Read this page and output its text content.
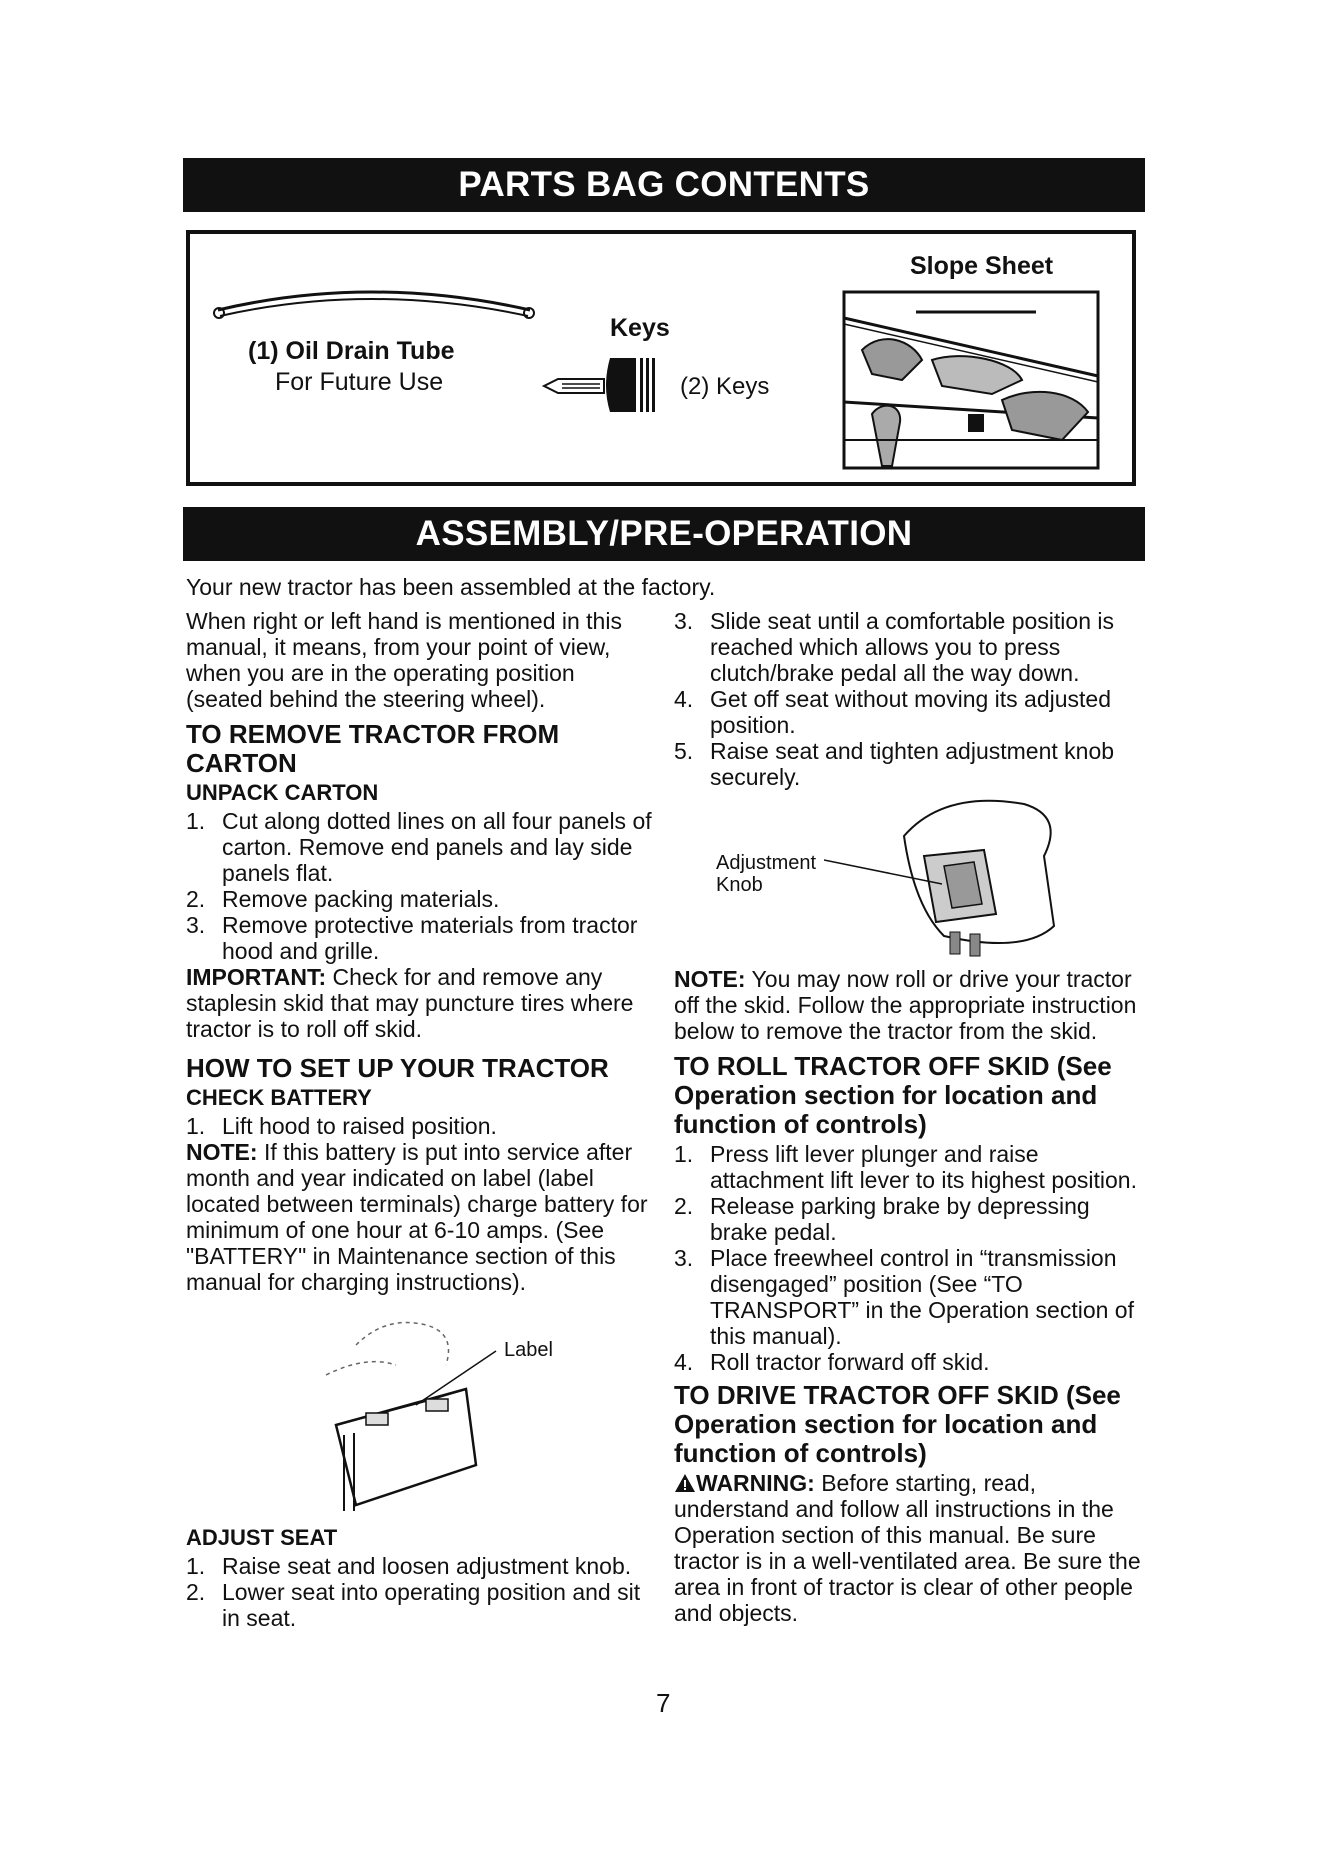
PARTS BAG CONTENTS
(1) Oil Drain Tube
For Future Use
Keys
(2) Keys
Slope Sheet
ASSEMBLY/PRE-OPERATION
Your new tractor has been assembled at the factory.

When right or left hand is mentioned in this manual, it means, from your point of view, when you are in the operating position (seated behind the steering wheel).

TO REMOVE TRACTOR FROM CARTON
UNPACK CARTON
1. Cut along dotted lines on all four panels of carton. Remove end panels and lay side panels flat.
2. Remove packing materials.
3. Remove protective materials from tractor hood and grille.

IMPORTANT: Check for and remove any staplesin skid that may puncture tires where tractor is to roll off skid.

HOW TO SET UP YOUR TRACTOR
CHECK BATTERY
1. Lift hood to raised position.

NOTE: If this battery is put into service after month and year indicated on label (label located between terminals) charge battery for minimum of one hour at 6-10 amps. (See "BATTERY" in Maintenance section of this manual for charging instructions).

Label
ADJUST SEAT
1. Raise seat and loosen adjustment knob.
2. Lower seat into operating position and sit in seat.
3. Slide seat until a comfortable position is reached which allows you to press clutch/brake pedal all the way down.
4. Get off seat without moving its adjusted position.
5. Raise seat and tighten adjustment knob securely.
Adjustment
Knob

NOTE: You may now roll or drive your tractor off the skid. Follow the appropriate instruction below to remove the tractor from the skid.

TO ROLL TRACTOR OFF SKID (See Operation section for location and function of controls)
1. Press lift lever plunger and raise attachment lift lever to its highest position.
2. Release parking brake by depressing brake pedal.
3. Place freewheel control in “transmission disengaged” position (See “TO TRANSPORT” in the Operation section of this manual).
4. Roll tractor forward off skid.
TO DRIVE TRACTOR OFF SKID (See Operation section for location and function of controls)

WARNING: Before starting, read, understand and follow all instructions in the Operation section of this manual. Be sure tractor is in a well-ventilated area. Be sure the area in front of tractor is clear of other people and objects.

7
